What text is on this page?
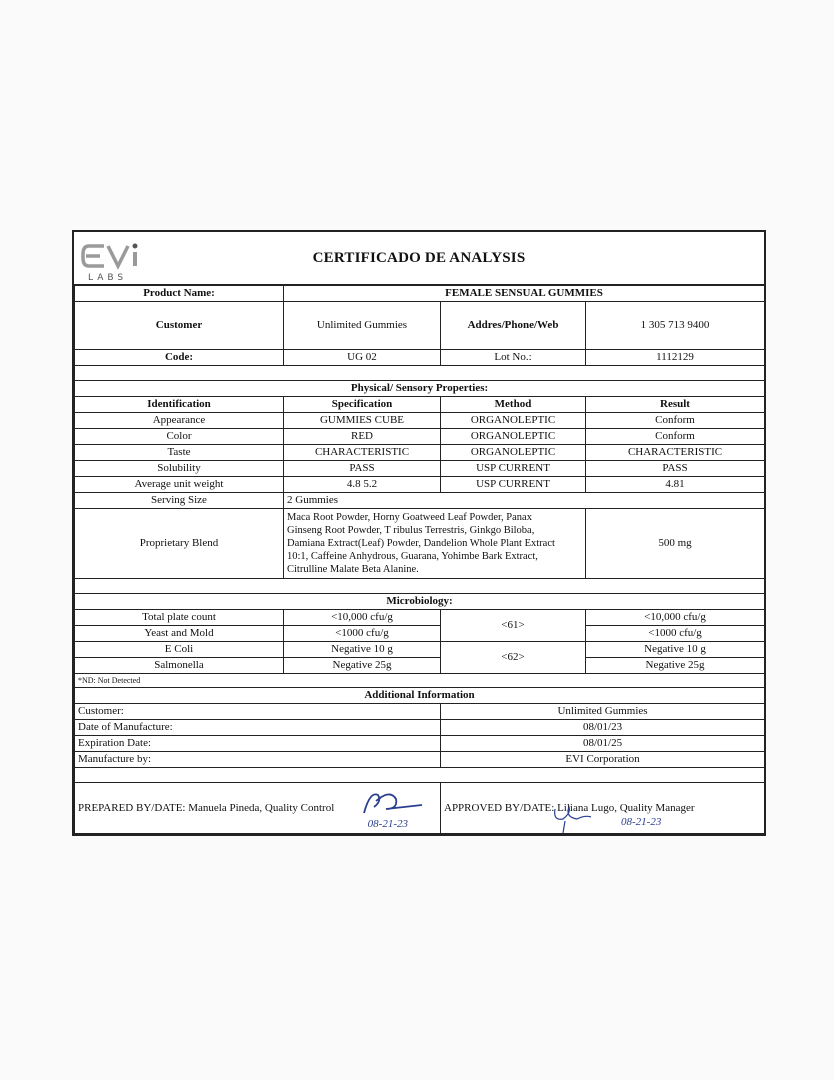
LABS
CERTIFICADO DE ANALYSIS
Product Name:	FEMALE SENSUAL GUMMIES		
Customer	Unlimited Gummies	Addres/Phone/Web	1 305 713 9400
Code:	UG 02	Lot No.:	1112129

Physical/ Sensory Properties:			
Identification	Specification	Method	Result
Appearance	GUMMIES CUBE	ORGANOLEPTIC	Conform
Color	RED	ORGANOLEPTIC	Conform
Taste	CHARACTERISTIC	ORGANOLEPTIC	CHARACTERISTIC
Solubility	PASS	USP CURRENT	PASS
Average unit weight	4.8 5.2	USP CURRENT	4.81
Serving Size	2 Gummies		
Proprietary Blend	Maca Root Powder, Horny Goatweed Leaf Powder, Panax
Ginseng Root Powder, T ribulus Terrestris, Ginkgo Biloba,
Damiana Extract(Leaf) Powder, Dandelion Whole Plant Extract
10:1, Caffeine Anhydrous, Guarana, Yohimbe Bark Extract,
Citrulline Malate Beta Alanine.		500 mg

Microbiology:			
Total plate count	<10,000 cfu/g	<61>	<10,000 cfu/g
Yeast and Mold	<1000 cfu/g		<1000 cfu/g
E Coli	Negative 10 g	<62>	Negative 10 g
Salmonella	Negative 25g		Negative 25g
*ND: Not Detected			
Additional Information			
Customer:		Unlimited Gummies	
Date of Manufacture:		08/01/23	
Expiration Date:		08/01/25	
Manufacture by:		EVI Corporation	

PREPARED BY/DATE: Manuela Pineda, Quality Control
08-21-23		APPROVED BY/DATE: Liliana Lugo, Quality Manager
08-21-23	
